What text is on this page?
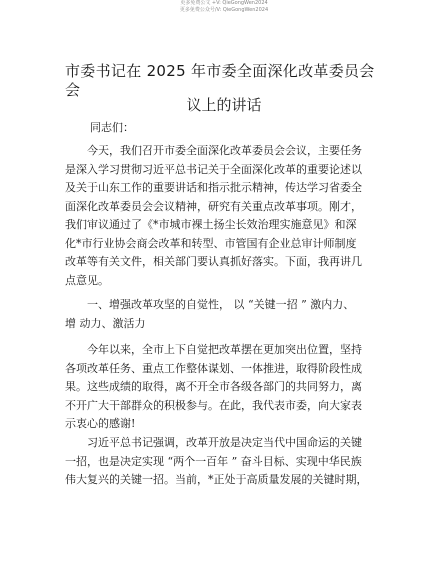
更多免费公文 +V: QieGongWen2024
更多免费公众号/V: QieGongWen2024
市委书记在 2025 年市委全面深化改革委员会
会
议上的讲话
同志们：
今天，我们召开市委全面深化改革委员会会议，主要任务
是深入学习贯彻习近平总书记关于全面深化改革的重要论述以
及关于山东工作的重要讲话和指示批示精神，传达学习省委全
面深化改革委员会会议精神，研究有关重点改革事项。刚才，
我们审议通过了《*市城市裸土扬尘长效治理实施意见》和深
化*市行业协会商会改革和转型、市管国有企业总审计师制度
改革等有关文件，相关部门要认真抓好落实。下面，我再讲几
点意见。
一、增强改革攻坚的自觉性， 以 “关键一招 ” 激内力、
增 动力、激活力
今年以来，全市上下自觉把改革摆在更加突出位置，坚持
各项改革任务、重点工作整体谋划、一体推进，取得阶段性成
果。这些成绩的取得，离不开全市各级各部门的共同努力，离
不开广大干部群众的积极参与。在此，我代表市委，向大家表
示衷心的感谢!
习近平总书记强调，改革开放是决定当代中国命运的关键
一招，也是决定实现 “两个一百年 ” 奋斗目标、实现中华民族
伟大复兴的关键一招。当前，*正处于高质量发展的关键时期，
